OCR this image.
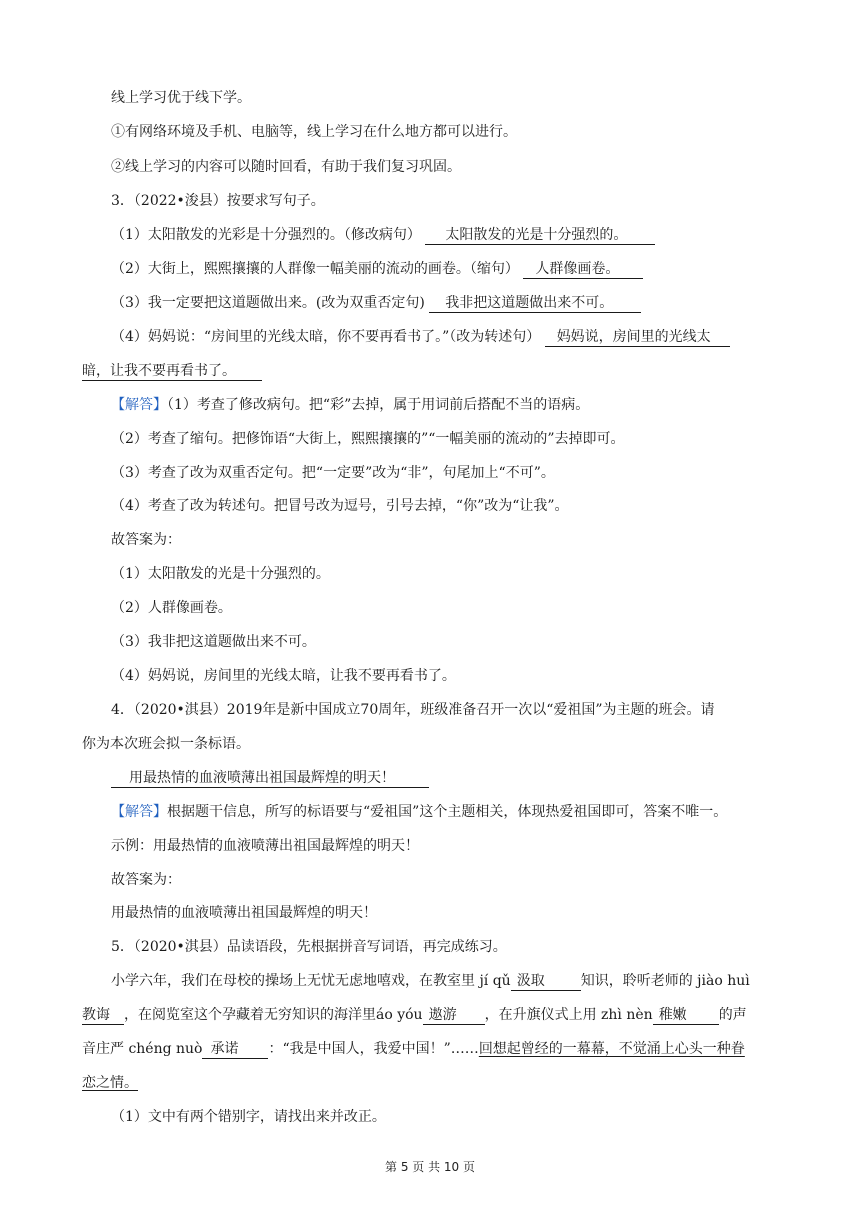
线上学习优于线下学。
①有网络环境及手机、电脑等，线上学习在什么地方都可以进行。
②线上学习的内容可以随时回看，有助于我们复习巩固。
3．（2022•浚县）按要求写句子。
（1）太阳散发的光彩是十分强烈的。（修改病句） 太阳散发的光是十分强烈的。
（2）大街上，熙熙攘攘的人群像一幅美丽的流动的画卷。（缩句） 人群像画卷。
（3）我一定要把这道题做出来。(改为双重否定句) 我非把这道题做出来不可。
（4）妈妈说：“房间里的光线太暗，你不要再看书了。”（改为转述句） 妈妈说，房间里的光线太
暗，让我不要再看书了。
【解答】（1）考查了修改病句。把“彩”去掉，属于用词前后搭配不当的语病。
（2）考查了缩句。把修饰语“大街上，熙熙攘攘的”“一幅美丽的流动的”去掉即可。
（3）考查了改为双重否定句。把“一定要”改为“非”，句尾加上“不可”。
（4）考查了改为转述句。把冒号改为逗号，引号去掉，“你”改为“让我”。
故答案为：
（1）太阳散发的光是十分强烈的。
（2）人群像画卷。
（3）我非把这道题做出来不可。
（4）妈妈说，房间里的光线太暗，让我不要再看书了。
4．（2020•淇县）2019年是新中国成立70周年，班级准备召开一次以“爱祖国”为主题的班会。请
你为本次班会拟一条标语。
用最热情的血液喷薄出祖国最辉煌的明天！
【解答】根据题干信息，所写的标语要与“爱祖国”这个主题相关，体现热爱祖国即可，答案不唯一。
示例：用最热情的血液喷薄出祖国最辉煌的明天！
故答案为：
用最热情的血液喷薄出祖国最辉煌的明天！
5．（2020•淇县）品读语段，先根据拼音写词语，再完成练习。
小学六年，我们在母校的操场上无忧无虑地嘻戏，在教室里 jí qǔ 汲取	知识，聆听老师的 jiào huì
教诲 ，在阅览室这个孕藏着无穷知识的海洋里áo yóu 遨游 ，在升旗仪式上用 zhì nèn 稚嫩 的声
音庄严 chéng nuò 承诺 ：“我是中国人，我爱中国！”……回想起曾经的一幕幕，不觉涌上心头一种眷
恋之情。
（1）文中有两个错别字，请找出来并改正。
第 5 页 共 10 页
